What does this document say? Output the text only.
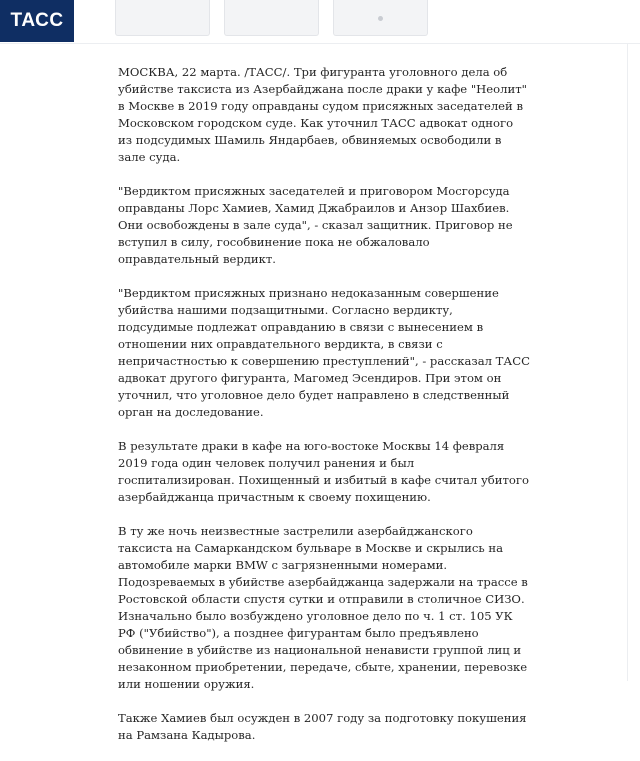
ТАСС

МОСКВА, 22 марта. /ТАСС/. Три фигуранта уголовного дела об убийстве таксиста из Азербайджана после драки у кафе "Неолит" в Москве в 2019 году оправданы судом присяжных заседателей в Московском городском суде. Как уточнил ТАСС адвокат одного из подсудимых Шамиль Яндарбаев, обвиняемых освободили в зале суда.

"Вердиктом присяжных заседателей и приговором Мосгорсуда оправданы Лорс Хамиев, Хамид Джабраилов и Анзор Шахбиев. Они освобождены в зале суда", - сказал защитник. Приговор не вступил в силу, гособвинение пока не обжаловало оправдательный вердикт.

"Вердиктом присяжных признано недоказанным совершение убийства нашими подзащитными. Согласно вердикту, подсудимые подлежат оправданию в связи с вынесением в отношении них оправдательного вердикта, в связи с непричастностью к совершению преступлений", - рассказал ТАСС адвокат другого фигуранта, Магомед Эсендиров. При этом он уточнил, что уголовное дело будет направлено в следственный орган на доследование.

В результате драки в кафе на юго-востоке Москвы 14 февраля 2019 года один человек получил ранения и был госпитализирован. Похищенный и избитый в кафе считал убитого азербайджанца причастным к своему похищению.

В ту же ночь неизвестные застрелили азербайджанского таксиста на Самаркандском бульваре в Москве и скрылись на автомобиле марки BMW с загрязненными номерами. Подозреваемых в убийстве азербайджанца задержали на трассе в Ростовской области спустя сутки и отправили в столичное СИЗО. Изначально было возбуждено уголовное дело по ч. 1 ст. 105 УК РФ ("Убийство"), а позднее фигурантам было предъявлено обвинение в убийстве из национальной ненависти группой лиц и незаконном приобретении, передаче, сбыте, хранении, перевозке или ношении оружия.

Также Хамиев был осужден в 2007 году за подготовку покушения на Рамзана Кадырова.
